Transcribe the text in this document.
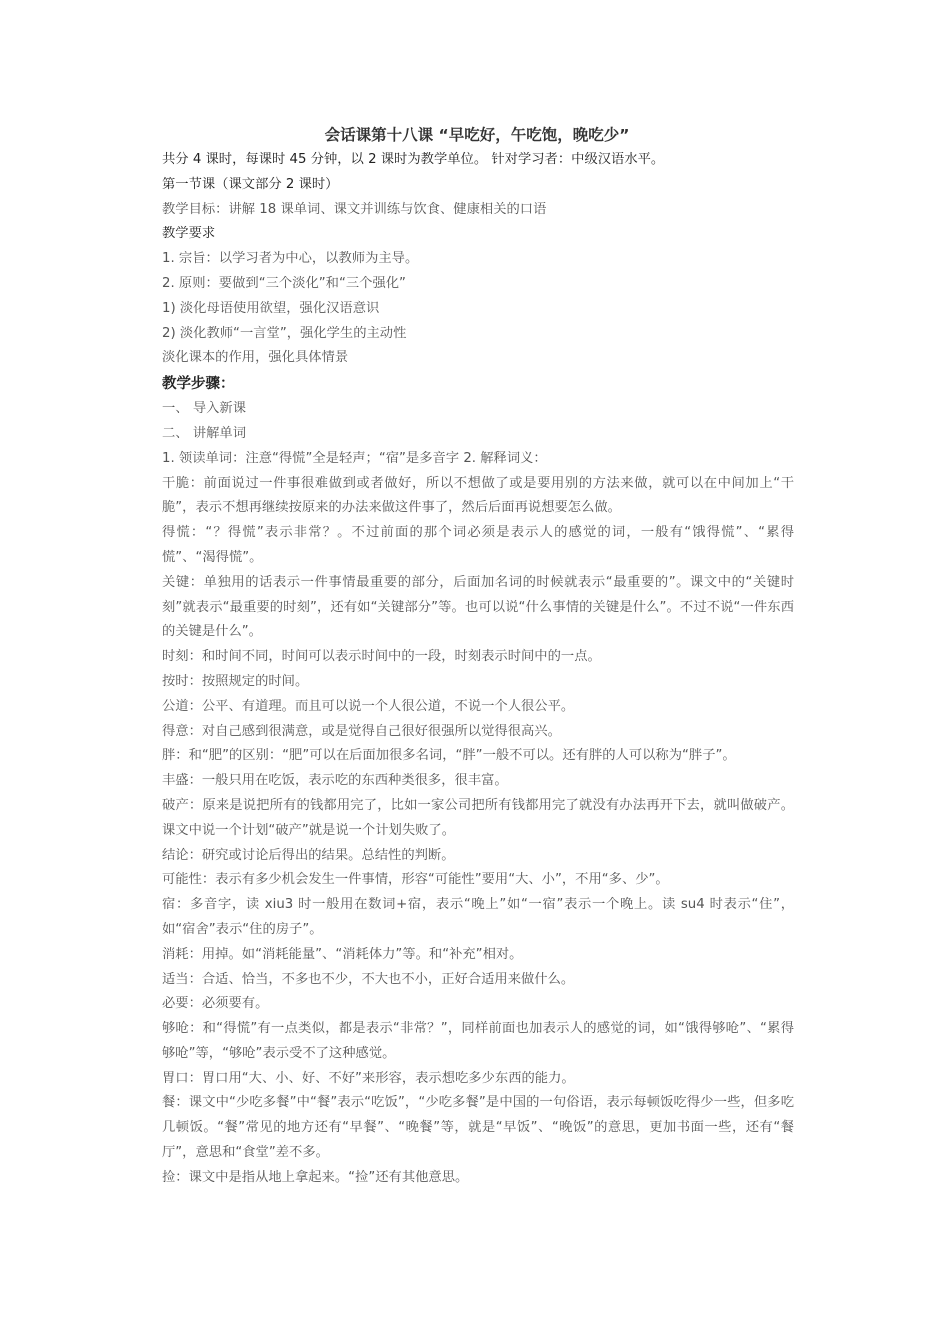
会话课第十八课 “早吃好，午吃饱，晚吃少”

共分 4 课时，每课时 45 分钟，以 2 课时为教学单位。 针对学习者：中级汉语水平。

第一节课（课文部分 2 课时）

教学目标：讲解 18 课单词、课文并训练与饮食、健康相关的口语

教学要求

1. 宗旨：以学习者为中心，以教师为主导。

2. 原则：要做到“三个淡化”和“三个强化”

1) 淡化母语使用欲望，强化汉语意识

2) 淡化教师“一言堂”，强化学生的主动性

淡化课本的作用，强化具体情景

教学步骤：

一、 导入新课

二、 讲解单词

1. 领读单词：注意“得慌”全是轻声；“宿”是多音字 2. 解释词义：

干脆：前面说过一件事很难做到或者做好，所以不想做了或是要用别的方法来做，就可以在中间加上“干脆”，表示不想再继续按原来的办法来做这件事了，然后后面再说想要怎么做。

得慌：“？得慌”表示非常？。不过前面的那个词必须是表示人的感觉的词，一般有“饿得慌”、“累得慌”、“渴得慌”。

关键：单独用的话表示一件事情最重要的部分，后面加名词的时候就表示“最重要的”。课文中的“关键时刻”就表示“最重要的时刻”，还有如“关键部分”等。也可以说“什么事情的关键是什么”。不过不说“一件东西的关键是什么”。

时刻：和时间不同，时间可以表示时间中的一段，时刻表示时间中的一点。

按时：按照规定的时间。

公道：公平、有道理。而且可以说一个人很公道，不说一个人很公平。

得意：对自己感到很满意，或是觉得自己很好很强所以觉得很高兴。

胖：和“肥”的区别：“肥”可以在后面加很多名词，“胖”一般不可以。还有胖的人可以称为“胖子”。

丰盛：一般只用在吃饭，表示吃的东西种类很多，很丰富。

破产：原来是说把所有的钱都用完了，比如一家公司把所有钱都用完了就没有办法再开下去，就叫做破产。课文中说一个计划“破产”就是说一个计划失败了。

结论：研究或讨论后得出的结果。总结性的判断。

可能性：表示有多少机会发生一件事情，形容“可能性”要用“大、小”，不用“多、少”。

宿：多音字，读 xiu3 时一般用在数词+宿，表示“晚上”如“一宿”表示一个晚上。读 su4 时表示“住”，如“宿舍”表示“住的房子”。

消耗：用掉。如“消耗能量”、“消耗体力”等。和“补充”相对。

适当：合适、恰当，不多也不少，不大也不小，正好合适用来做什么。

必要：必须要有。

够呛：和“得慌”有一点类似，都是表示“非常？”，同样前面也加表示人的感觉的词，如“饿得够呛”、“累得够呛”等，“够呛”表示受不了这种感觉。

胃口：胃口用“大、小、好、不好”来形容，表示想吃多少东西的能力。

餐：课文中“少吃多餐”中“餐”表示“吃饭”，“少吃多餐”是中国的一句俗语，表示每顿饭吃得少一些，但多吃几顿饭。“餐”常见的地方还有“早餐”、“晚餐”等，就是“早饭”、“晚饭”的意思，更加书面一些，还有“餐厅”，意思和“食堂”差不多。

捡：课文中是指从地上拿起来。“捡”还有其他意思。
